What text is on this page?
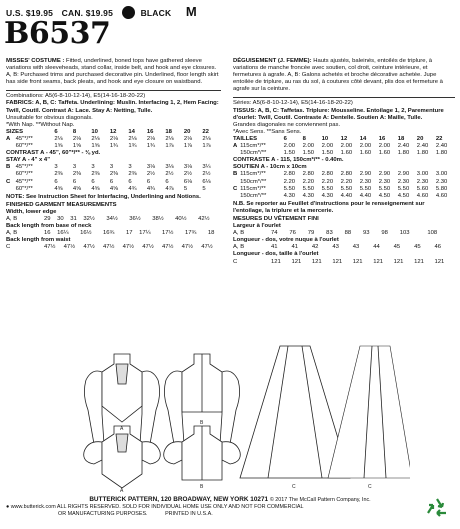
U.S. $19.95 CAN. $19.95	BLACK M
B6537
MISSES' COSTUME : Fitted, underlined, boned tops have gathered sleeve variations with sleeveheads, stand collar, inside belt, and hook and eye closures. A, B: Purchased trims and purchased decorative pin. Underlined, floor length skirt has side front seams, back pleats, and hook and eye closure on waistband.
Combinations: A5(6-8-10-12-14), E5(14-16-18-20-22)
FABRICS: A, B, C: Taffeta. Underlining: Muslin. Interfacing 1, 2, Hem Facing: Twill, Coutil. Contrast A: Lace. Stay A: Netting, Tulle.
Unsuitable for obvious diagonals.
*With Nap. **Without Nap.
SIZES		6	8	10	12	14	16	18	20	22
A	45"*/**	2⅛	2⅛	2⅛	2⅛	2⅛	2⅛	2⅛	2⅛	2⅛
	60"*/**	1⅝	1⅝	1⅝	1¾	1¾	1¾	1⅞	1⅞	1⅞
CONTRAST A - 45", 60"*/** - ⅜ yd.										
STAY A - 4" x 4"										
B	45"*/**	3	3	3	3	3	3⅛	3⅛	3⅛	3¼
	60"*/**	2⅜	2⅜	2⅜	2⅜	2⅜	2½	2½	2½	2½
C	45"*/**	6	6	6	6	6	6	6	6⅛	6⅛
	60"*/**	4⅝	4⅝	4⅝	4⅝	4¾	4¾	4⅞	5	5
NOTE: See Instruction Sheet for Interfacing, Underlining and Notions.
FINISHED GARMENT MEASUREMENTS
Width, lower edge
A, B	29	30	31	32½	34½	36½	38½	40½	42½
Back length from base of neck
A, B	16	16¼	16½	16¾	17	17¼	17½	17¾	18
Back length from waist
C	47½	47½	47½	47½	47½	47½	47½	47½	47½
DÉGUISEMENT (J. FEMME): Hauts ajustés, baleinés, entoilés de triplure, à variations de manche froncée avec soutien, col droit, ceinture intérieure, et fermetures à agrafe. A, B: Galons achetés et broche décorative achetée. Jupe entoilée de triplure, au ras du sol, à coutures côté devant, plis dos et fermeture à agrafe sur la ceinture.
Séries: A5(6-8-10-12-14), E5(14-16-18-20-22)
TISSUS: A, B, C: Taffetas. Triplure: Mousseline. Entoilage 1, 2, Parementure d'ourlet: Twill, Coutil. Contraste A: Dentelle. Soutien A: Maille, Tulle.
Grandes diagonales ne conviennent pas.
*Avec Sens. **Sans Sens.
TAILLES		6	8	10	12	14	16	18	20	22
A	115cm*/**	2.00	2.00	2.00	2.00	2.00	2.00	2.40	2.40	2.40
	150cm*/**	1.50	1.50	1.50	1.60	1.60	1.60	1.80	1.80	1.80
CONTRASTE A - 115, 150cm*/** - 0.40m.										
SOUTIEN A - 10cm x 10cm										
B	115cm*/**	2.80	2.80	2.80	2.80	2.90	2.90	2.90	3.00	3.00
	150cm*/**	2.20	2.20	2.20	2.20	2.30	2.30	2.30	2.30	2.30
C	115cm*/**	5.50	5.50	5.50	5.50	5.50	5.50	5.50	5.60	5.80
	150cm*/**	4.30	4.30	4.30	4.40	4.40	4.50	4.50	4.60	4.60
N.B. Se reporter au Feuillet d'instructions pour le renseignement sur l'entoilage, la triplure et la mercerie.
MESURES DU VÊTEMENT FINI
Largeur à l'ourlet
A, B	74	76	79	83	88	93	98	103	108
Longueur - dos, votre nuque à l'ourlet
A, B	41	41	42	43	43	44	45	45	46
Longueur - dos, taille à l'ourlet
C	121	121	121	121	121	121	121	121	121
A
B
A
B	C	C
BUTTERICK PATTERN, 120 BROADWAY, NEW YORK 10271 © 2017 The McCall Pattern Company, Inc.
● www.butterick.com ALL RIGHTS RESERVED. SOLD FOR INDIVIDUAL HOME USE ONLY AND NOT FOR COMMERCIAL
OR MANUFACTURING PURPOSES.	PRINTED IN U.S.A.
